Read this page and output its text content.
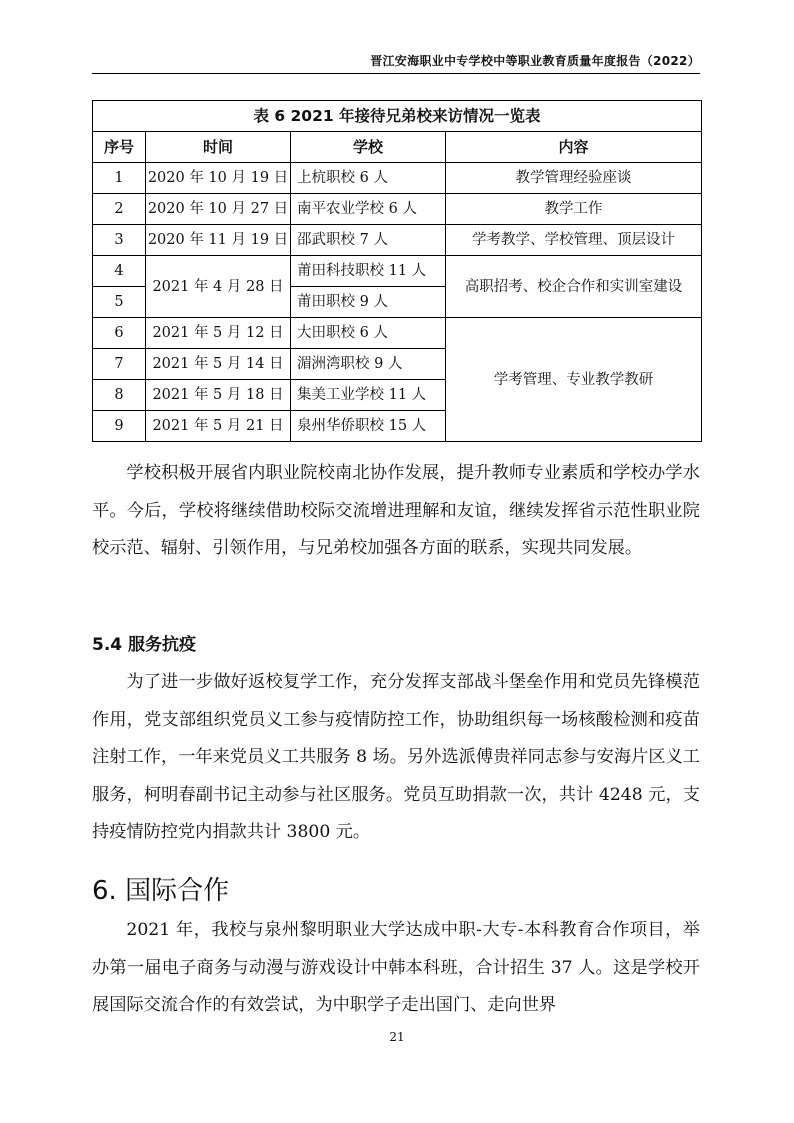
晋江安海职业中专学校中等职业教育质量年度报告（2022）
表 6 2021 年接待兄弟校来访情况一览表			
序号	时间	学校	内容
1	2020 年 10 月 19 日	上杭职校 6 人	教学管理经验座谈
2	2020 年 10 月 27 日	南平农业学校 6 人	教学工作
3	2020 年 11 月 19 日	邵武职校 7 人	学考教学、学校管理、顶层设计
4	2021 年 4 月 28 日	莆田科技职校 11 人	高职招考、校企合作和实训室建设
5		莆田职校 9 人	
6	2021 年 5 月 12 日	大田职校 6 人	学考管理、专业教学教研
7	2021 年 5 月 14 日	湄洲湾职校 9 人	
8	2021 年 5 月 18 日	集美工业学校 11 人	
9	2021 年 5 月 21 日	泉州华侨职校 15 人	

学校积极开展省内职业院校南北协作发展，提升教师专业素质和学校办学水平。今后，学校将继续借助校际交流增进理解和友谊，继续发挥省示范性职业院校示范、辐射、引领作用，与兄弟校加强各方面的联系，实现共同发展。

5.4 服务抗疫

为了进一步做好返校复学工作，充分发挥支部战斗堡垒作用和党员先锋模范作用，党支部组织党员义工参与疫情防控工作，协助组织每一场核酸检测和疫苗注射工作，一年来党员义工共服务 8 场。另外选派傅贵祥同志参与安海片区义工服务，柯明春副书记主动参与社区服务。党员互助捐款一次，共计 4248 元，支持疫情防控党内捐款共计 3800 元。

6. 国际合作

2021 年，我校与泉州黎明职业大学达成中职-大专-本科教育合作项目，举办第一届电子商务与动漫与游戏设计中韩本科班，合计招生 37 人。这是学校开展国际交流合作的有效尝试，为中职学子走出国门、走向世界

21
